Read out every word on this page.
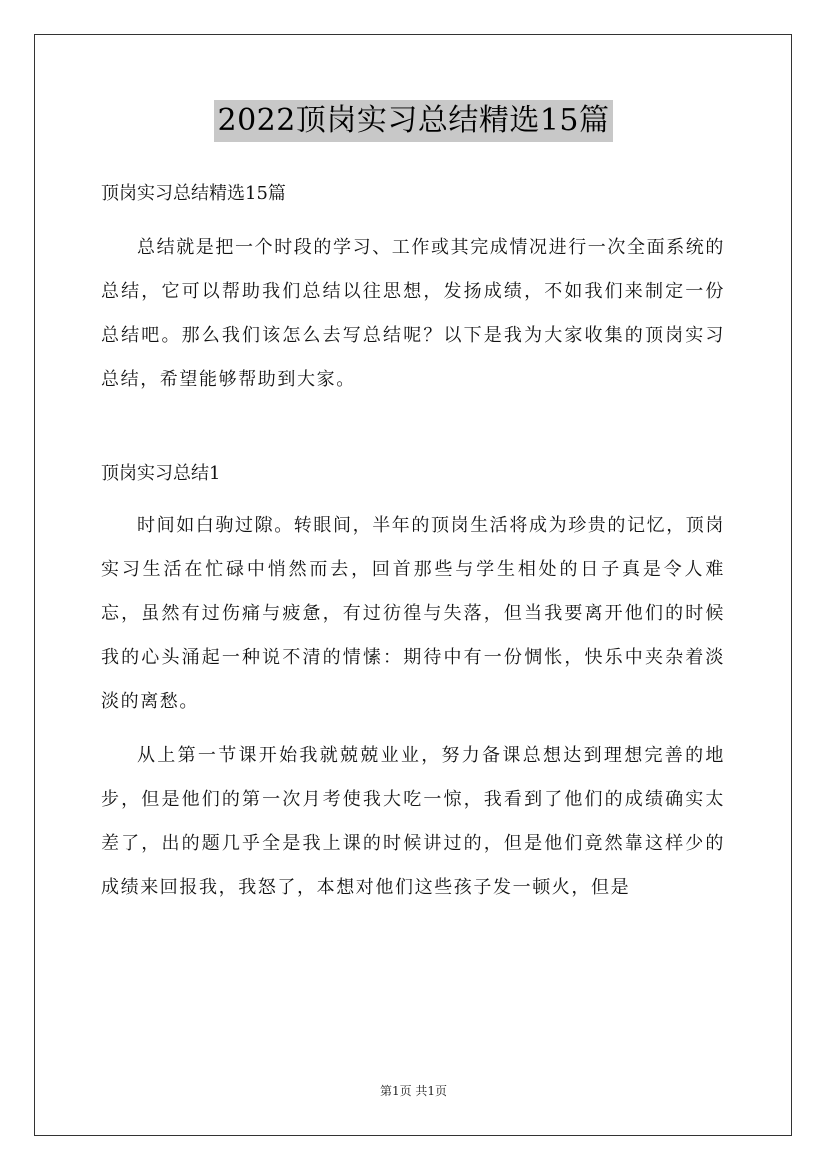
2022顶岗实习总结精选15篇

顶岗实习总结精选15篇

总结就是把一个时段的学习、工作或其完成情况进行一次全面系统的总结，它可以帮助我们总结以往思想，发扬成绩，不如我们来制定一份总结吧。那么我们该怎么去写总结呢？以下是我为大家收集的顶岗实习总结，希望能够帮助到大家。

顶岗实习总结1

时间如白驹过隙。转眼间，半年的顶岗生活将成为珍贵的记忆，顶岗实习生活在忙碌中悄然而去，回首那些与学生相处的日子真是令人难忘，虽然有过伤痛与疲惫，有过彷徨与失落，但当我要离开他们的时候我的心头涌起一种说不清的情愫：期待中有一份惆怅，快乐中夹杂着淡淡的离愁。

从上第一节课开始我就兢兢业业，努力备课总想达到理想完善的地步，但是他们的第一次月考使我大吃一惊，我看到了他们的成绩确实太差了，出的题几乎全是我上课的时候讲过的，但是他们竟然靠这样少的成绩来回报我，我怒了，本想对他们这些孩子发一顿火，但是

第1页 共1页
